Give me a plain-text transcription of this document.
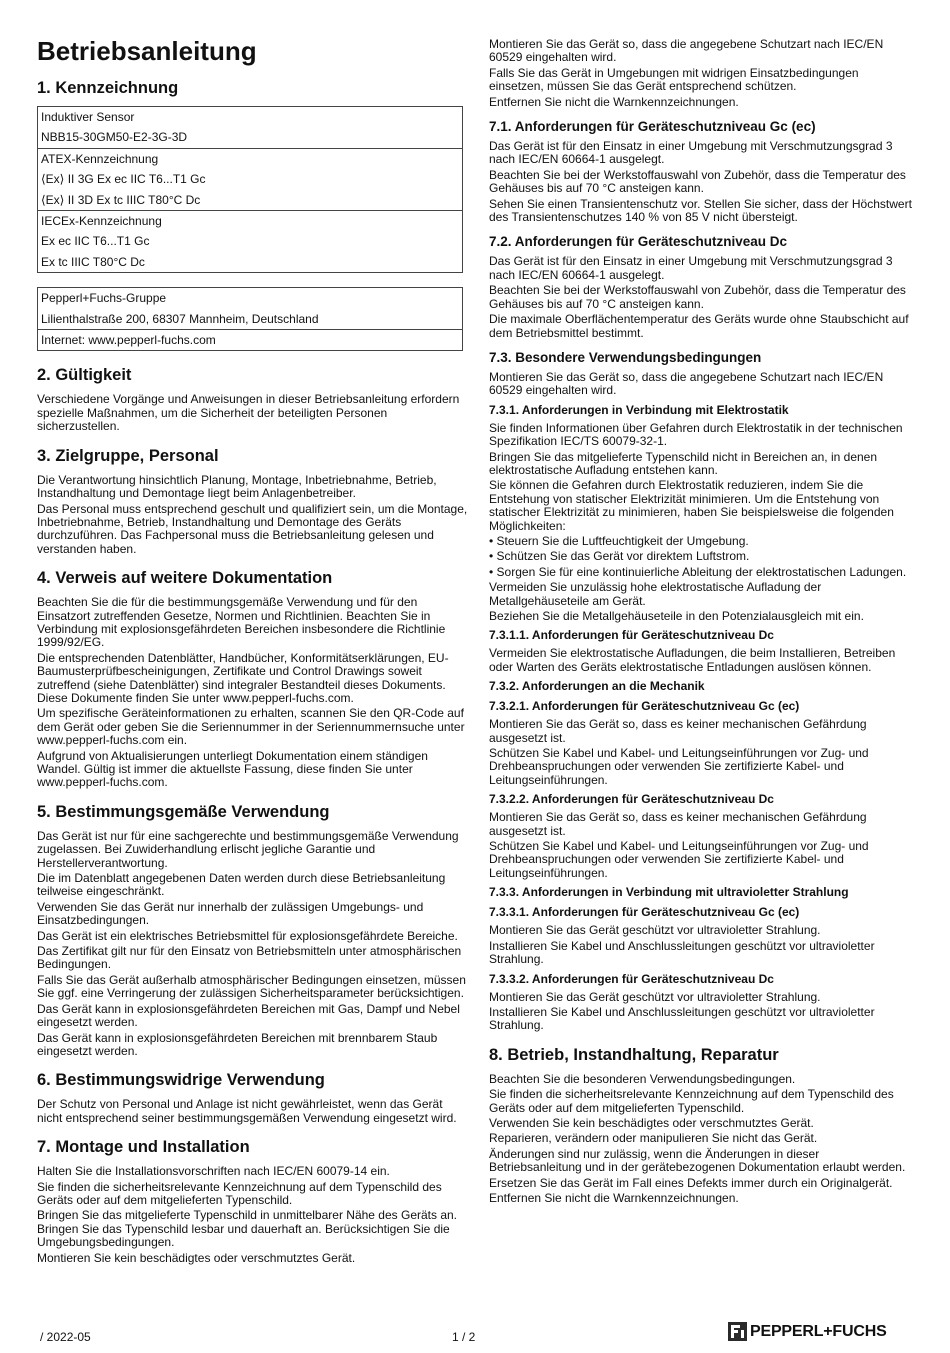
Betriebsanleitung
1. Kennzeichnung
Induktiver Sensor
NBB15-30GM50-E2-3G-3D
ATEX-Kennzeichnung
⟨Ex⟩ II 3G Ex ec IIC T6...T1 Gc
⟨Ex⟩ II 3D Ex tc IIIC T80°C Dc
IECEx-Kennzeichnung
Ex ec IIC T6...T1 Gc
Ex tc IIIC T80°C Dc
Pepperl+Fuchs-Gruppe
Lilienthalstraße 200, 68307 Mannheim, Deutschland
Internet: www.pepperl-fuchs.com
2. Gültigkeit

Verschiedene Vorgänge und Anweisungen in dieser Betriebsanleitung erfordern spezielle Maßnahmen, um die Sicherheit der beteiligten Personen sicherzustellen.

3. Zielgruppe, Personal

Die Verantwortung hinsichtlich Planung, Montage, Inbetriebnahme, Betrieb, Instandhaltung und Demontage liegt beim Anlagenbetreiber.

Das Personal muss entsprechend geschult und qualifiziert sein, um die Montage, Inbetriebnahme, Betrieb, Instandhaltung und Demontage des Geräts durchzuführen. Das Fachpersonal muss die Betriebsanleitung gelesen und verstanden haben.

4. Verweis auf weitere Dokumentation

Beachten Sie die für die bestimmungsgemäße Verwendung und für den Einsatzort zutreffenden Gesetze, Normen und Richtlinien. Beachten Sie in Verbindung mit explosionsgefährdeten Bereichen insbesondere die Richtlinie 1999/92/EG.

Die entsprechenden Datenblätter, Handbücher, Konformitätserklärungen, EU-Baumusterprüfbescheinigungen, Zertifikate und Control Drawings soweit zutreffend (siehe Datenblätter) sind integraler Bestandteil dieses Dokuments. Diese Dokumente finden Sie unter www.pepperl-fuchs.com.

Um spezifische Geräteinformationen zu erhalten, scannen Sie den QR-Code auf dem Gerät oder geben Sie die Seriennummer in der Seriennummernsuche unter www.pepperl-fuchs.com ein.

Aufgrund von Aktualisierungen unterliegt Dokumentation einem ständigen Wandel. Gültig ist immer die aktuellste Fassung, diese finden Sie unter www.pepperl-fuchs.com.

5. Bestimmungsgemäße Verwendung

Das Gerät ist nur für eine sachgerechte und bestimmungsgemäße Verwendung zugelassen. Bei Zuwiderhandlung erlischt jegliche Garantie und Herstellerverantwortung.

Die im Datenblatt angegebenen Daten werden durch diese Betriebsanleitung teilweise eingeschränkt.

Verwenden Sie das Gerät nur innerhalb der zulässigen Umgebungs- und Einsatzbedingungen.

Das Gerät ist ein elektrisches Betriebsmittel für explosionsgefährdete Bereiche.

Das Zertifikat gilt nur für den Einsatz von Betriebsmitteln unter atmosphärischen Bedingungen.

Falls Sie das Gerät außerhalb atmosphärischer Bedingungen einsetzen, müssen Sie ggf. eine Verringerung der zulässigen Sicherheitsparameter berücksichtigen.

Das Gerät kann in explosionsgefährdeten Bereichen mit Gas, Dampf und Nebel eingesetzt werden.

Das Gerät kann in explosionsgefährdeten Bereichen mit brennbarem Staub eingesetzt werden.

6. Bestimmungswidrige Verwendung

Der Schutz von Personal und Anlage ist nicht gewährleistet, wenn das Gerät nicht entsprechend seiner bestimmungsgemäßen Verwendung eingesetzt wird.

7. Montage und Installation

Halten Sie die Installationsvorschriften nach IEC/EN 60079-14 ein.

Sie finden die sicherheitsrelevante Kennzeichnung auf dem Typenschild des Geräts oder auf dem mitgelieferten Typenschild.

Bringen Sie das mitgelieferte Typenschild in unmittelbarer Nähe des Geräts an. Bringen Sie das Typenschild lesbar und dauerhaft an. Berücksichtigen Sie die Umgebungsbedingungen.

Montieren Sie kein beschädigtes oder verschmutztes Gerät.

Montieren Sie das Gerät so, dass die angegebene Schutzart nach IEC/EN 60529 eingehalten wird.

Falls Sie das Gerät in Umgebungen mit widrigen Einsatzbedingungen einsetzen, müssen Sie das Gerät entsprechend schützen.

Entfernen Sie nicht die Warnkennzeichnungen.

7.1. Anforderungen für Geräteschutzniveau Gc (ec)

Das Gerät ist für den Einsatz in einer Umgebung mit Verschmutzungsgrad 3 nach IEC/EN 60664-1 ausgelegt.

Beachten Sie bei der Werkstoffauswahl von Zubehör, dass die Temperatur des Gehäuses bis auf 70 °C ansteigen kann.

Sehen Sie einen Transientenschutz vor. Stellen Sie sicher, dass der Höchstwert des Transientenschutzes 140 % von 85 V nicht übersteigt.

7.2. Anforderungen für Geräteschutzniveau Dc

Das Gerät ist für den Einsatz in einer Umgebung mit Verschmutzungsgrad 3 nach IEC/EN 60664-1 ausgelegt.

Beachten Sie bei der Werkstoffauswahl von Zubehör, dass die Temperatur des Gehäuses bis auf 70 °C ansteigen kann.

Die maximale Oberflächentemperatur des Geräts wurde ohne Staubschicht auf dem Betriebsmittel bestimmt.

7.3. Besondere Verwendungsbedingungen

Montieren Sie das Gerät so, dass die angegebene Schutzart nach IEC/EN 60529 eingehalten wird.

7.3.1. Anforderungen in Verbindung mit Elektrostatik

Sie finden Informationen über Gefahren durch Elektrostatik in der technischen Spezifikation IEC/TS 60079-32-1.

Bringen Sie das mitgelieferte Typenschild nicht in Bereichen an, in denen elektrostatische Aufladung entstehen kann.

Sie können die Gefahren durch Elektrostatik reduzieren, indem Sie die Entstehung von statischer Elektrizität minimieren. Um die Entstehung von statischer Elektrizität zu minimieren, haben Sie beispielsweise die folgenden Möglichkeiten:

• Steuern Sie die Luftfeuchtigkeit der Umgebung.

• Schützen Sie das Gerät vor direktem Luftstrom.

• Sorgen Sie für eine kontinuierliche Ableitung der elektrostatischen Ladungen.

Vermeiden Sie unzulässig hohe elektrostatische Aufladung der Metallgehäuseteile am Gerät.

Beziehen Sie die Metallgehäuseteile in den Potenzialausgleich mit ein.

7.3.1.1. Anforderungen für Geräteschutzniveau Dc

Vermeiden Sie elektrostatische Aufladungen, die beim Installieren, Betreiben oder Warten des Geräts elektrostatische Entladungen auslösen können.

7.3.2. Anforderungen an die Mechanik
7.3.2.1. Anforderungen für Geräteschutzniveau Gc (ec)

Montieren Sie das Gerät so, dass es keiner mechanischen Gefährdung ausgesetzt ist.

Schützen Sie Kabel und Kabel- und Leitungseinführungen vor Zug- und Drehbeanspruchungen oder verwenden Sie zertifizierte Kabel- und Leitungseinführungen.

7.3.2.2. Anforderungen für Geräteschutzniveau Dc

Montieren Sie das Gerät so, dass es keiner mechanischen Gefährdung ausgesetzt ist.

Schützen Sie Kabel und Kabel- und Leitungseinführungen vor Zug- und Drehbeanspruchungen oder verwenden Sie zertifizierte Kabel- und Leitungseinführungen.

7.3.3. Anforderungen in Verbindung mit ultravioletter Strahlung
7.3.3.1. Anforderungen für Geräteschutzniveau Gc (ec)

Montieren Sie das Gerät geschützt vor ultravioletter Strahlung.

Installieren Sie Kabel und Anschlussleitungen geschützt vor ultravioletter Strahlung.

7.3.3.2. Anforderungen für Geräteschutzniveau Dc

Montieren Sie das Gerät geschützt vor ultravioletter Strahlung.

Installieren Sie Kabel und Anschlussleitungen geschützt vor ultravioletter Strahlung.

8. Betrieb, Instandhaltung, Reparatur

Beachten Sie die besonderen Verwendungsbedingungen.

Sie finden die sicherheitsrelevante Kennzeichnung auf dem Typenschild des Geräts oder auf dem mitgelieferten Typenschild.

Verwenden Sie kein beschädigtes oder verschmutztes Gerät.

Reparieren, verändern oder manipulieren Sie nicht das Gerät.

Änderungen sind nur zulässig, wenn die Änderungen in dieser Betriebsanleitung und in der gerätebezogenen Dokumentation erlaubt werden.

Ersetzen Sie das Gerät im Fall eines Defekts immer durch ein Originalgerät.

Entfernen Sie nicht die Warnkennzeichnungen.

/ 2022-05	1 / 2	PEPPERL+FUCHS
